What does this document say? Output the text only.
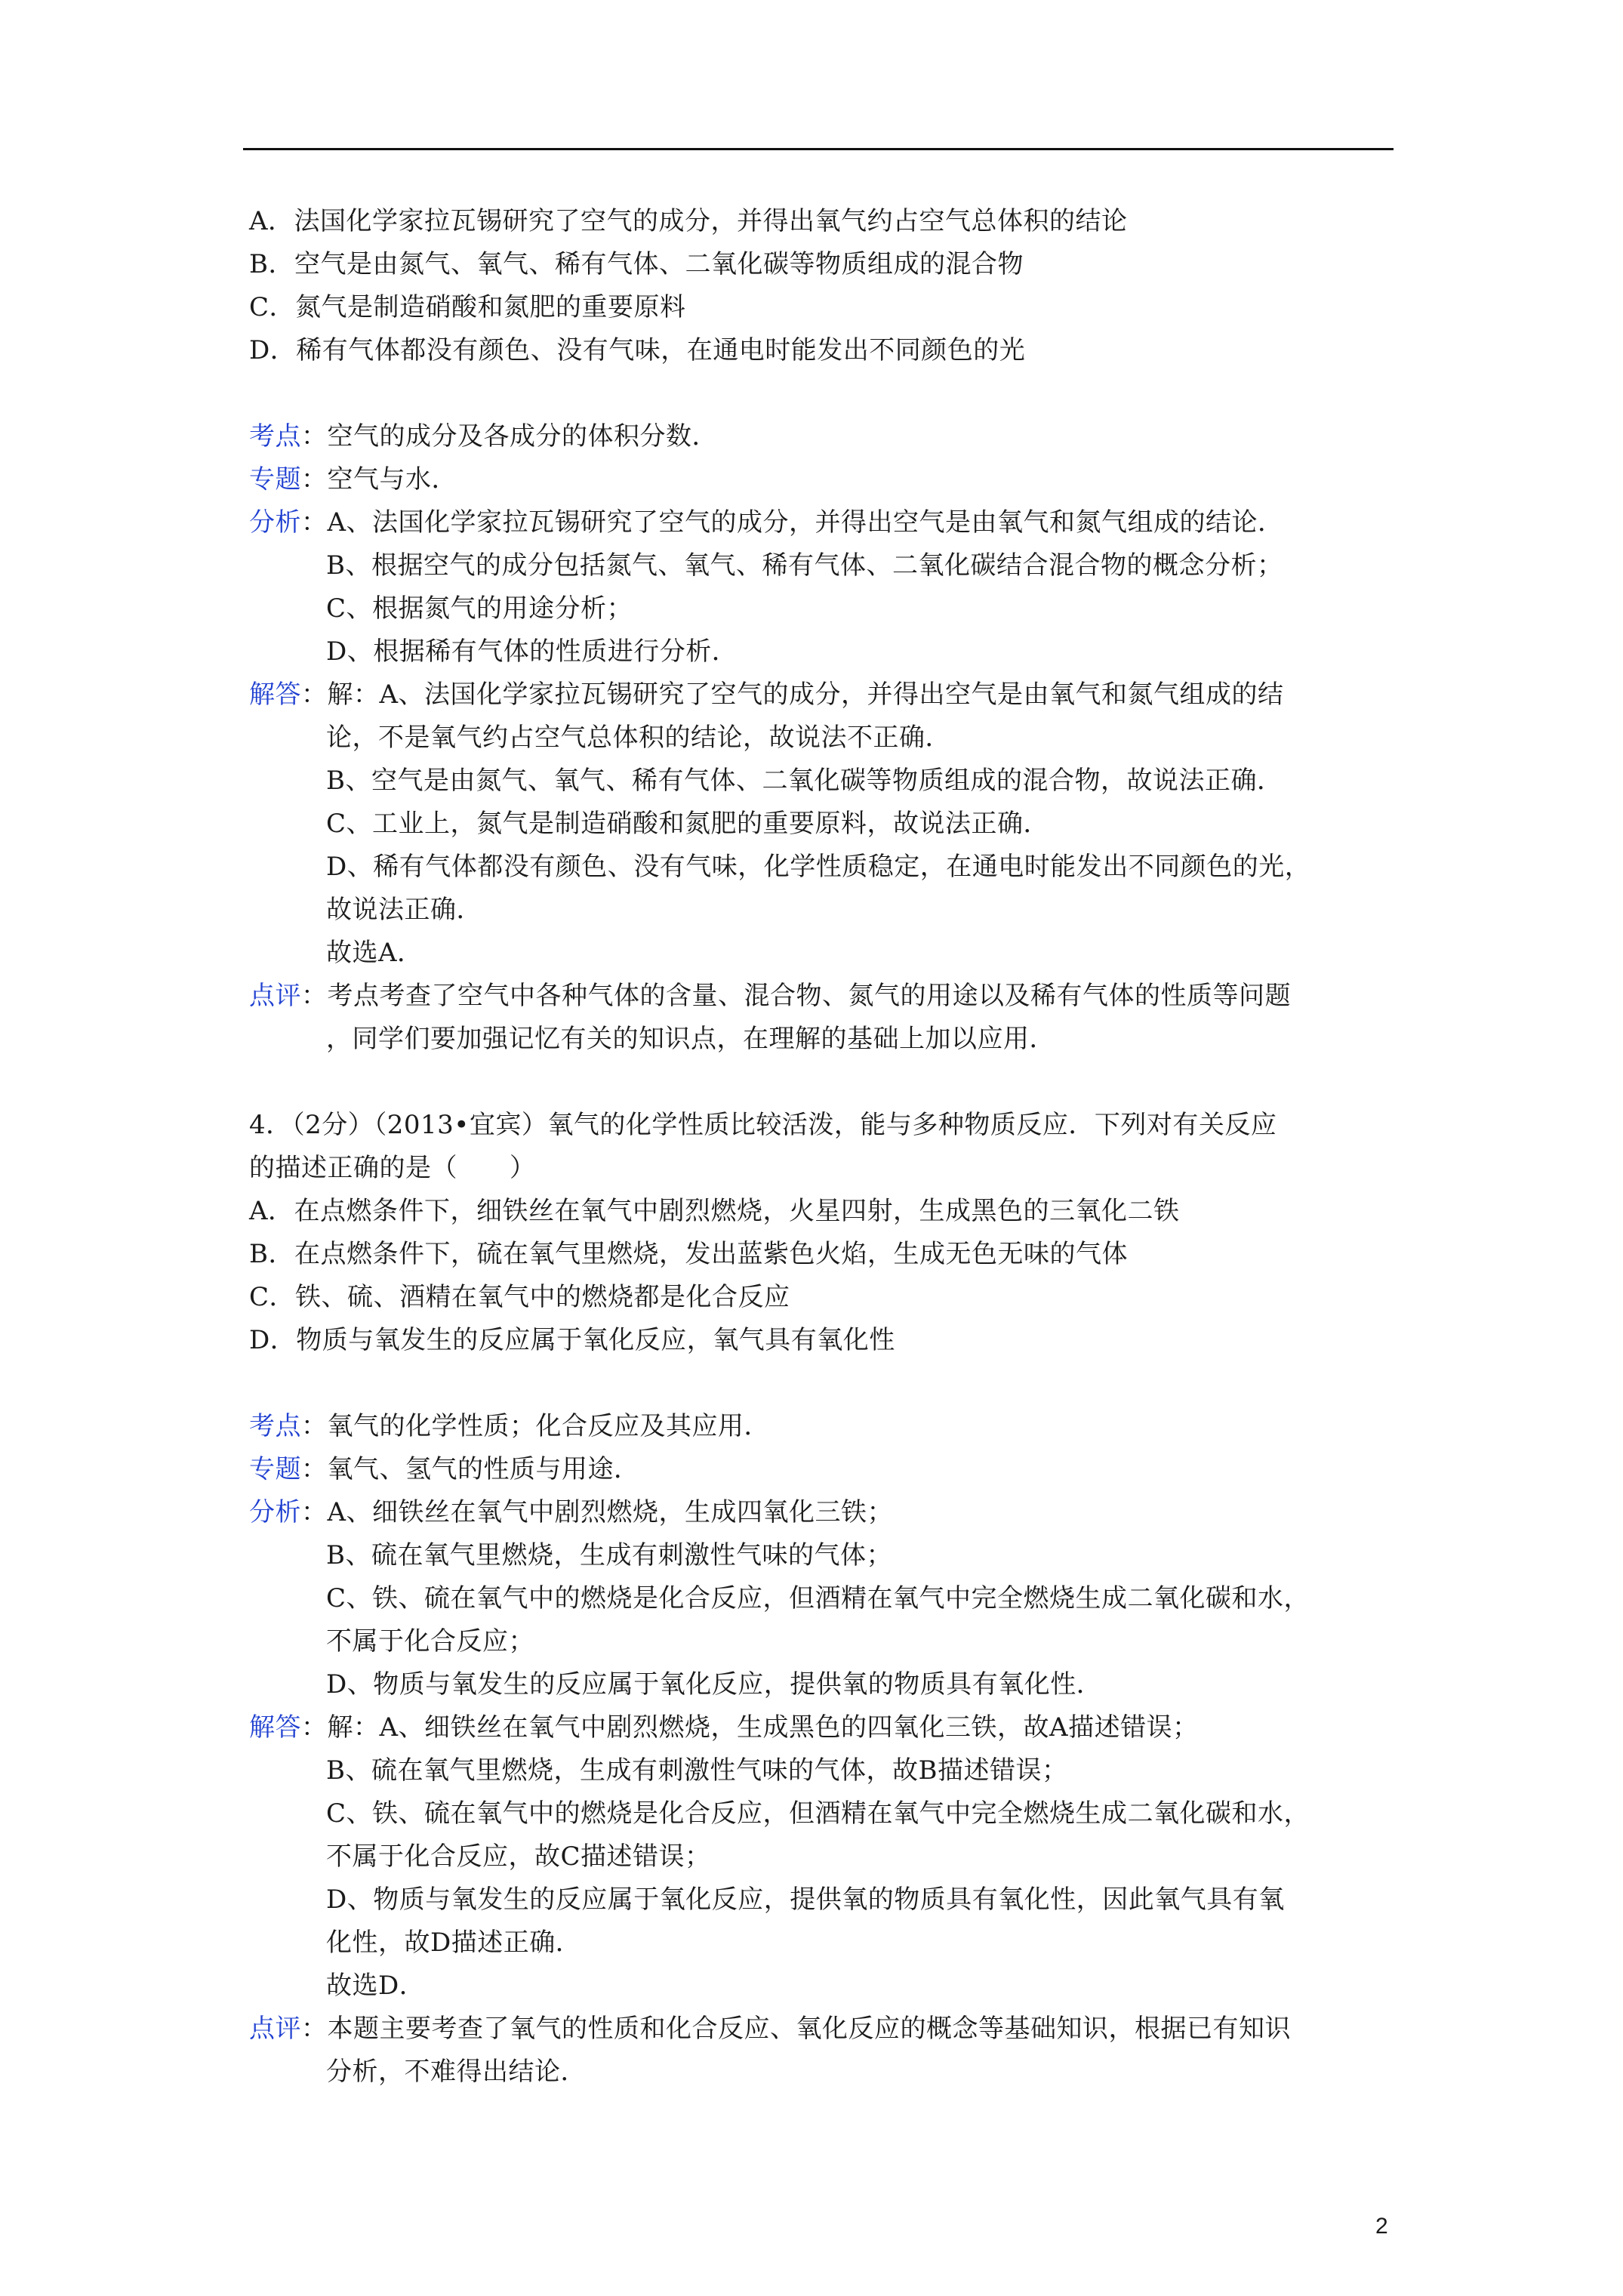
A．法国化学家拉瓦锡研究了空气的成分，并得出氧气约占空气总体积的结论
B．空气是由氮气、氧气、稀有气体、二氧化碳等物质组成的混合物
C．氮气是制造硝酸和氮肥的重要原料
D．稀有气体都没有颜色、没有气味，在通电时能发出不同颜色的光
考点：空气的成分及各成分的体积分数．
专题：空气与水．
分析：A、法国化学家拉瓦锡研究了空气的成分，并得出空气是由氧气和氮气组成的结论．
B、根据空气的成分包括氮气、氧气、稀有气体、二氧化碳结合混合物的概念分析；
C、根据氮气的用途分析；
D、根据稀有气体的性质进行分析．
解答：解：A、法国化学家拉瓦锡研究了空气的成分，并得出空气是由氧气和氮气组成的结
论，不是氧气约占空气总体积的结论，故说法不正确．
B、空气是由氮气、氧气、稀有气体、二氧化碳等物质组成的混合物，故说法正确．
C、工业上，氮气是制造硝酸和氮肥的重要原料，故说法正确．
D、稀有气体都没有颜色、没有气味，化学性质稳定，在通电时能发出不同颜色的光，
故说法正确．
故选A．
点评：考点考查了空气中各种气体的含量、混合物、氮气的用途以及稀有气体的性质等问题
，同学们要加强记忆有关的知识点，在理解的基础上加以应用．
4．（2分）（2013•宜宾）氧气的化学性质比较活泼，能与多种物质反应．下列对有关反应
的描述正确的是（　　）
A．在点燃条件下，细铁丝在氧气中剧烈燃烧，火星四射，生成黑色的三氧化二铁
B．在点燃条件下，硫在氧气里燃烧，发出蓝紫色火焰，生成无色无味的气体
C．铁、硫、酒精在氧气中的燃烧都是化合反应
D．物质与氧发生的反应属于氧化反应，氧气具有氧化性
考点：氧气的化学性质；化合反应及其应用．
专题：氧气、氢气的性质与用途．
分析：A、细铁丝在氧气中剧烈燃烧，生成四氧化三铁；
B、硫在氧气里燃烧，生成有刺激性气味的气体；
C、铁、硫在氧气中的燃烧是化合反应，但酒精在氧气中完全燃烧生成二氧化碳和水，
不属于化合反应；
D、物质与氧发生的反应属于氧化反应，提供氧的物质具有氧化性．
解答：解：A、细铁丝在氧气中剧烈燃烧，生成黑色的四氧化三铁，故A描述错误；
B、硫在氧气里燃烧，生成有刺激性气味的气体，故B描述错误；
C、铁、硫在氧气中的燃烧是化合反应，但酒精在氧气中完全燃烧生成二氧化碳和水，
不属于化合反应，故C描述错误；
D、物质与氧发生的反应属于氧化反应，提供氧的物质具有氧化性，因此氧气具有氧
化性，故D描述正确．
故选D．
点评：本题主要考查了氧气的性质和化合反应、氧化反应的概念等基础知识，根据已有知识
分析，不难得出结论．
2
